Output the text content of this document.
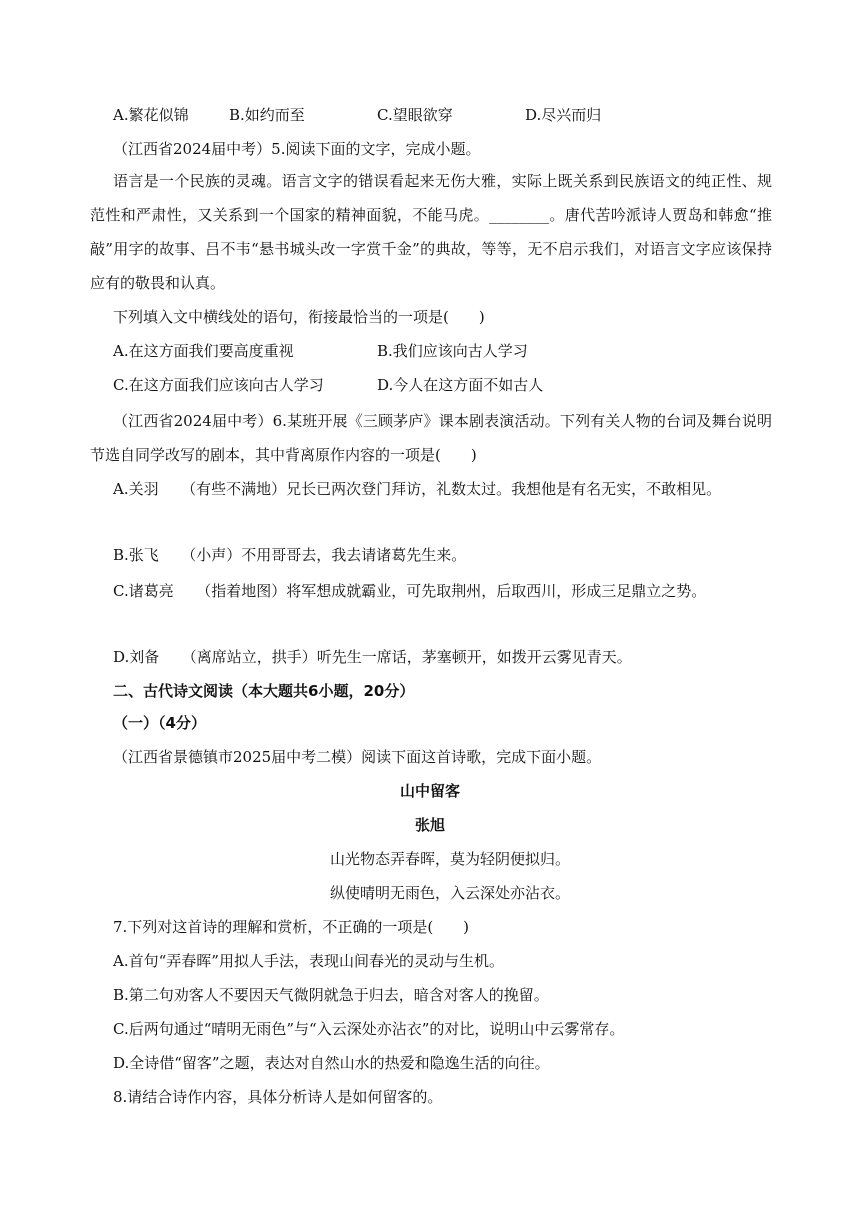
A.繁花似锦	B.如约而至	C.望眼欲穿	D.尽兴而归
（江西省2024届中考）5.阅读下面的文字，完成小题。
语言是一个民族的灵魂。语言文字的错误看起来无伤大雅，实际上既关系到民族语文的纯正性、规范性和严肃性，又关系到一个国家的精神面貌，不能马虎。________。唐代苦吟派诗人贾岛和韩愈“推敲”用字的故事、吕不韦“悬书城头改一字赏千金”的典故，等等，无不启示我们，对语言文字应该保持应有的敬畏和认真。
下列填入文中横线处的语句，衔接最恰当的一项是(　　)
A.在这方面我们要高度重视	B.我们应该向古人学习
C.在这方面我们应该向古人学习	D.今人在这方面不如古人
（江西省2024届中考）6.某班开展《三顾茅庐》课本剧表演活动。下列有关人物的台词及舞台说明节选自同学改写的剧本，其中背离原作内容的一项是(　　)
A.关羽　　（有些不满地）兄长已两次登门拜访，礼数太过。我想他是有名无实，不敢相见。
B.张飞　　（小声）不用哥哥去，我去请诸葛先生来。
C.诸葛亮　　（指着地图）将军想成就霸业，可先取荆州，后取西川，形成三足鼎立之势。
D.刘备　　（离席站立，拱手）听先生一席话，茅塞顿开，如拨开云雾见青天。
二、古代诗文阅读（本大题共6小题，20分）
（一）（4分）
（江西省景德镇市2025届中考二模）阅读下面这首诗歌，完成下面小题。
山中留客
张旭
山光物态弄春晖，莫为轻阴便拟归。
纵使晴明无雨色，入云深处亦沾衣。
7.下列对这首诗的理解和赏析，不正确的一项是(　　)
A.首句“弄春晖”用拟人手法，表现山间春光的灵动与生机。
B.第二句劝客人不要因天气微阴就急于归去，暗含对客人的挽留。
C.后两句通过“晴明无雨色”与“入云深处亦沾衣”的对比，说明山中云雾常存。
D.全诗借“留客”之题，表达对自然山水的热爱和隐逸生活的向往。
8.请结合诗作内容，具体分析诗人是如何留客的。
